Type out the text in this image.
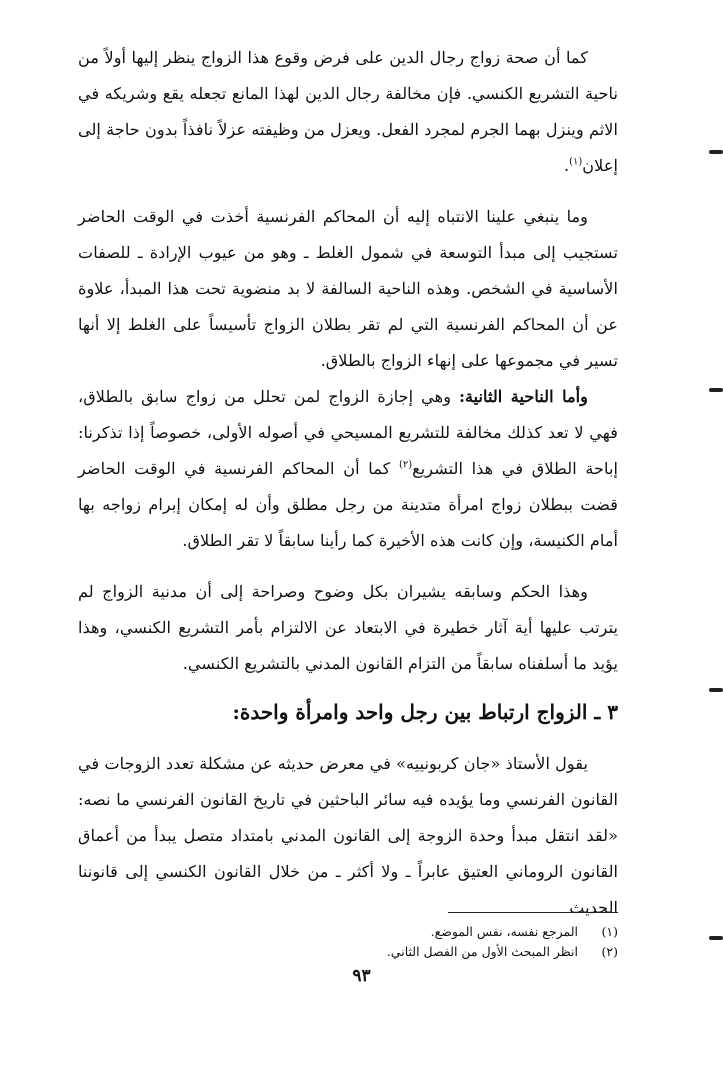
كما أن صحة زواج رجال الدين على فرض وقوع هذا الزواج ينظر إليها أولاً من ناحية التشريع الكنسي. فإن مخالفة رجال الدين لهذا المانع تجعله يقع وشريكه في الاثم وينزل بهما الجرم لمجرد الفعل. ويعزل من وظيفته عزلاً نافذاً بدون حاجة إلى إعلان$^{(١)}$.

وما ينبغي علينا الانتباه إليه أن المحاكم الفرنسية أخذت في الوقت الحاضر تستجيب إلى مبدأ التوسعة في شمول الغلط ـ وهو من عيوب الإرادة ـ للصفات الأساسية في الشخص. وهذه الناحية السالفة لا بد منضوية تحت هذا المبدأ، علاوة عن أن المحاكم الفرنسية التي لم تقر بطلان الزواج تأسيساً على الغلط إلا أنها تسير في مجموعها على إنهاء الزواج بالطلاق.

وأما الناحية الثانية: وهي إجازة الزواج لمن تحلل من زواج سابق بالطلاق، فهي لا تعد كذلك مخالفة للتشريع المسيحي في أصوله الأولى، خصوصاً إذا تذكرنا: إباحة الطلاق في هذا التشريع$^{(٢)}$ كما أن المحاكم الفرنسية في الوقت الحاضر قضت ببطلان زواج امرأة متدينة من رجل مطلق وأن له إمكان إبرام زواجه بها أمام الكنيسة، وإن كانت هذه الأخيرة كما رأينا سابقاً لا تقر الطلاق.

وهذا الحكم وسابقه يشيران بكل وضوح وصراحة إلى أن مدنية الزواج لم يترتب عليها أية آثار خطيرة في الابتعاد عن الالتزام بأمر التشريع الكنسي، وهذا يؤيد ما أسلفناه سابقاً من التزام القانون المدني بالتشريع الكنسي.

٣ ـ الزواج ارتباط بين رجل واحد وامرأة واحدة:

يقول الأستاذ «جان كربونييه» في معرض حديثه عن مشكلة تعدد الزوجات في القانون الفرنسي وما يؤيده فيه سائر الباحثين في تاريخ القانون الفرنسي ما نصه: «لقد انتقل مبدأ وحدة الزوجة إلى القانون المدني بامتداد متصل يبدأ من أعماق القانون الروماني العتيق عابراً ـ ولا أكثر ـ من خلال القانون الكنسي إلى قانوننا الحديث

(١)
المرجع نفسه، نفس الموضع.
(٢)
انظر المبحث الأول من الفصل الثاني.
٩٣
